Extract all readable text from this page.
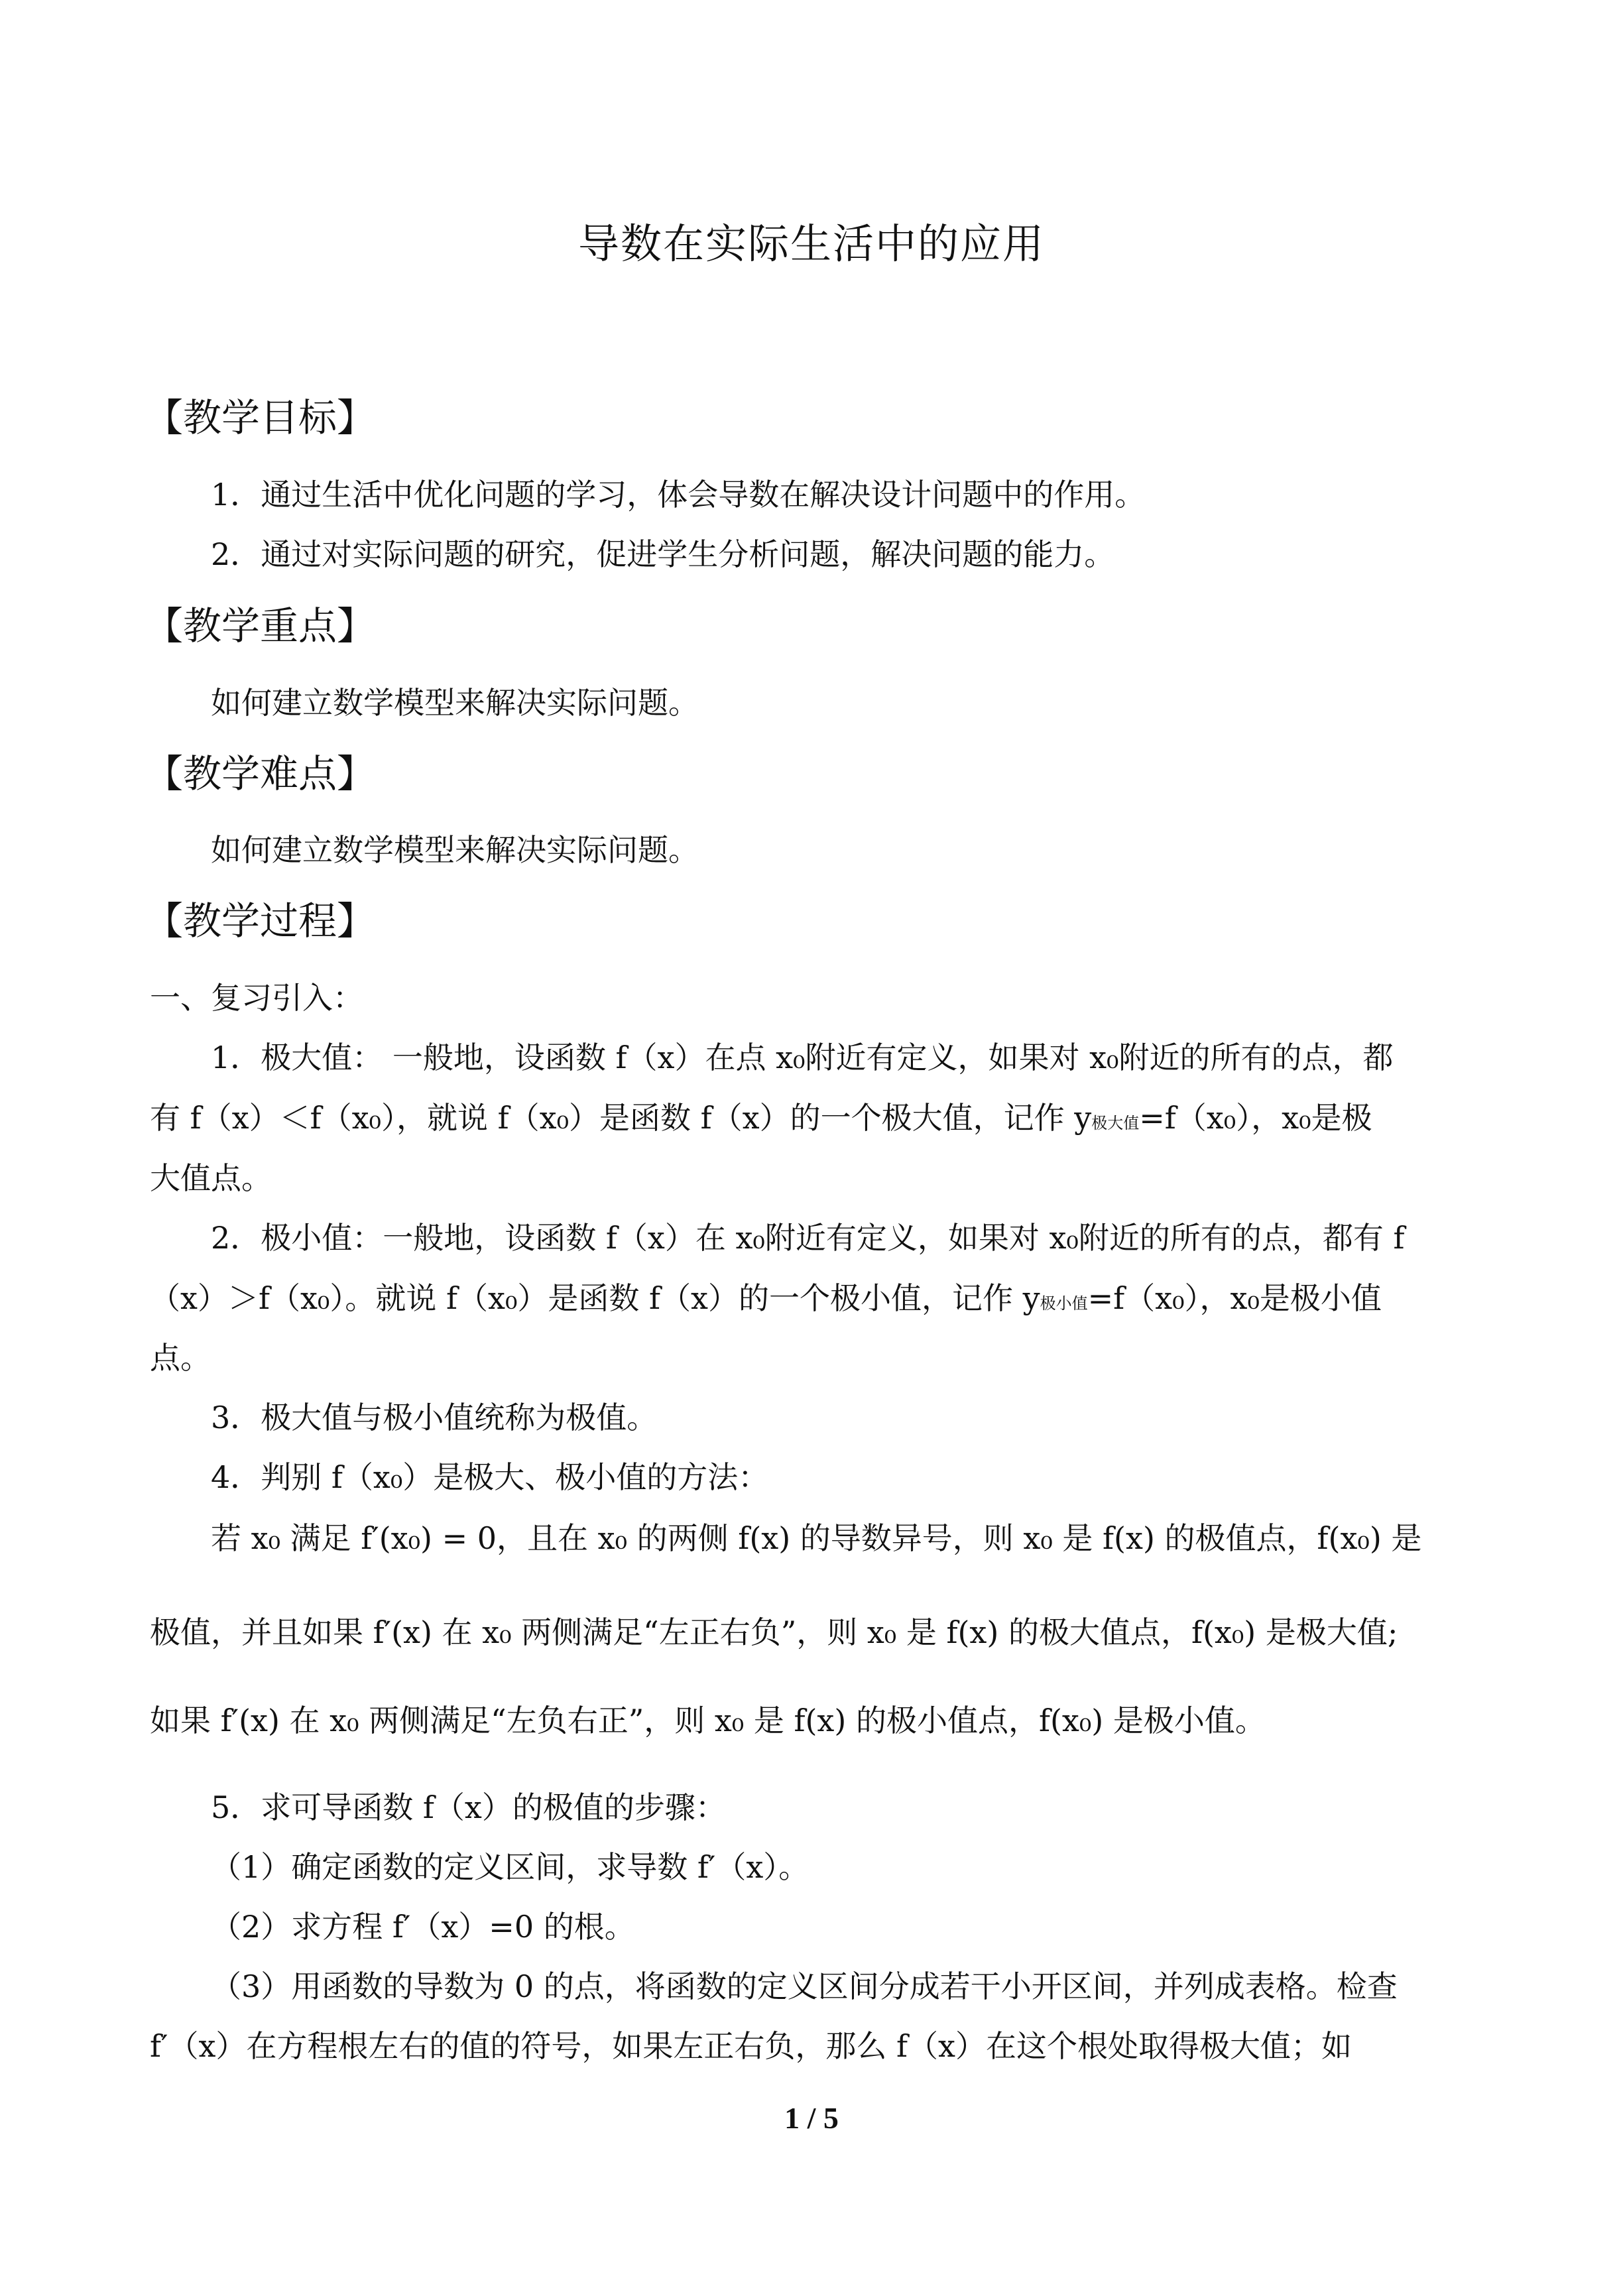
导数在实际生活中的应用
【教学目标】
1．通过生活中优化问题的学习，体会导数在解决设计问题中的作用。
2．通过对实际问题的研究，促进学生分析问题，解决问题的能力。
【教学重点】
如何建立数学模型来解决实际问题。
【教学难点】
如何建立数学模型来解决实际问题。
【教学过程】
一、复习引入：
1．极大值： 一般地，设函数 f（x）在点 x₀附近有定义，如果对 x₀附近的所有的点，都
有 f（x）＜f（x₀），就说 f（x₀）是函数 f（x）的一个极大值，记作 y极大值=f（x₀），x₀是极
大值点。
2．极小值：一般地，设函数 f（x）在 x₀附近有定义，如果对 x₀附近的所有的点，都有 f
（x）＞f（x₀）。就说 f（x₀）是函数 f（x）的一个极小值，记作 y极小值=f（x₀），x₀是极小值
点。
3．极大值与极小值统称为极值。
4．判别 f（x₀）是极大、极小值的方法：
若 x₀ 满足 f′(x₀) = 0，且在 x₀ 的两侧 f(x) 的导数异号，则 x₀ 是 f(x) 的极值点，f(x₀) 是
极值，并且如果 f′(x) 在 x₀ 两侧满足“左正右负”，则 x₀ 是 f(x) 的极大值点，f(x₀) 是极大值;
如果 f′(x) 在 x₀ 两侧满足“左负右正”，则 x₀ 是 f(x) 的极小值点，f(x₀) 是极小值。
5．求可导函数 f（x）的极值的步骤：
（1）确定函数的定义区间，求导数 f′（x）。
（2）求方程 f′（x）=0 的根。
（3）用函数的导数为 0 的点，将函数的定义区间分成若干小开区间，并列成表格。检查
f′（x）在方程根左右的值的符号，如果左正右负，那么 f（x）在这个根处取得极大值；如
1 / 5
